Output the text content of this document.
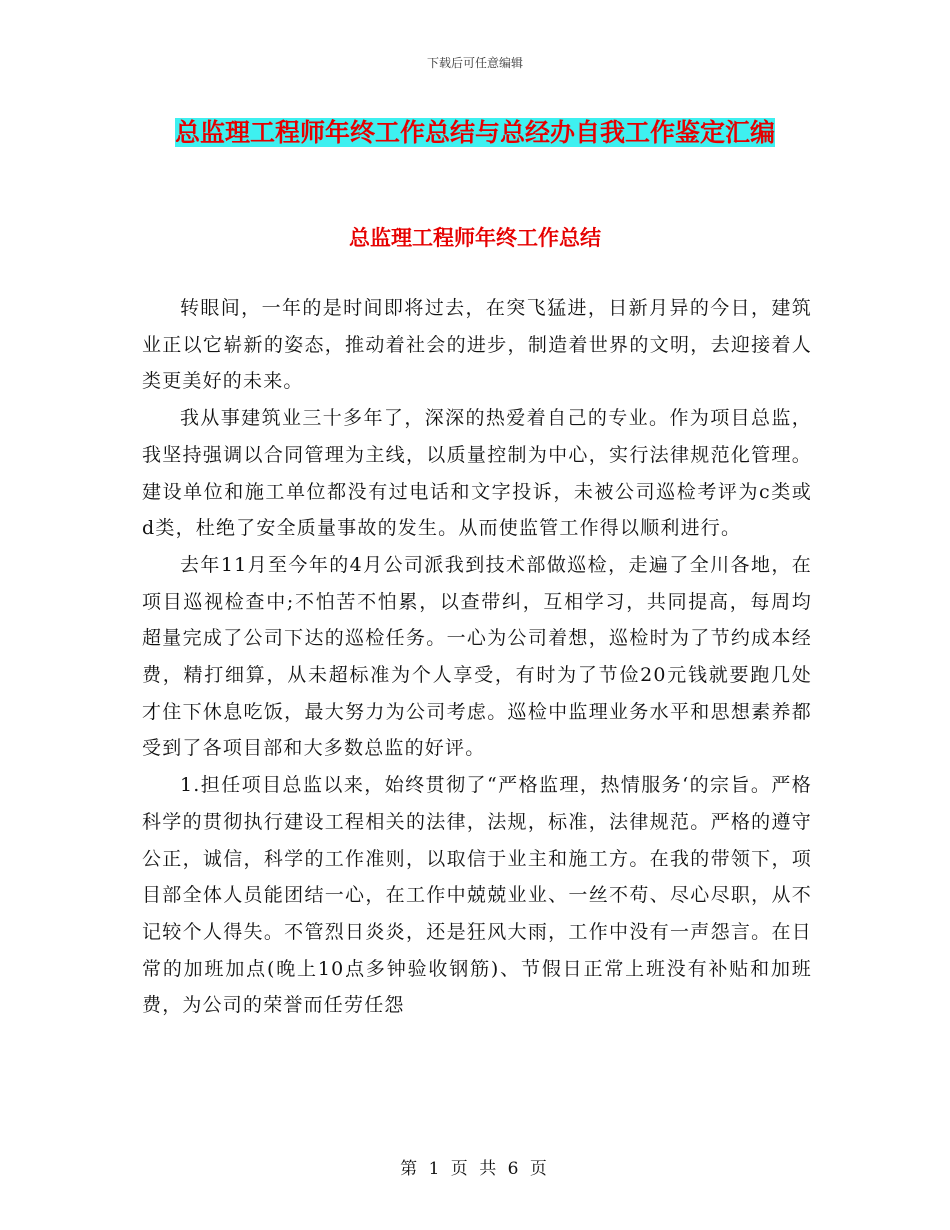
下载后可任意编辑
总监理工程师年终工作总结与总经办自我工作鉴定汇编
总监理工程师年终工作总结

转眼间，一年的是时间即将过去，在突飞猛进，日新月异的今日，建筑业正以它崭新的姿态，推动着社会的进步，制造着世界的文明，去迎接着人类更美好的未来。

我从事建筑业三十多年了，深深的热爱着自己的专业。作为项目总监，我坚持强调以合同管理为主线，以质量控制为中心，实行法律规范化管理。建设单位和施工单位都没有过电话和文字投诉，未被公司巡检考评为c类或d类，杜绝了安全质量事故的发生。从而使监管工作得以顺利进行。

去年11月至今年的4月公司派我到技术部做巡检，走遍了全川各地，在项目巡视检查中;不怕苦不怕累，以查带纠，互相学习，共同提高，每周均超量完成了公司下达的巡检任务。一心为公司着想，巡检时为了节约成本经费，精打细算，从未超标准为个人享受，有时为了节俭20元钱就要跑几处才住下休息吃饭，最大努力为公司考虑。巡检中监理业务水平和思想素养都受到了各项目部和大多数总监的好评。

1.担任项目总监以来，始终贯彻了“严格监理，热情服务‘的宗旨。严格科学的贯彻执行建设工程相关的法律，法规，标准，法律规范。严格的遵守公正，诚信，科学的工作准则，以取信于业主和施工方。在我的带领下，项目部全体人员能团结一心，在工作中兢兢业业、一丝不苟、尽心尽职，从不记较个人得失。不管烈日炎炎，还是狂风大雨，工作中没有一声怨言。在日常的加班加点(晚上10点多钟验收钢筋)、节假日正常上班没有补贴和加班费，为公司的荣誉而任劳任怨

第 1 页 共 6 页
